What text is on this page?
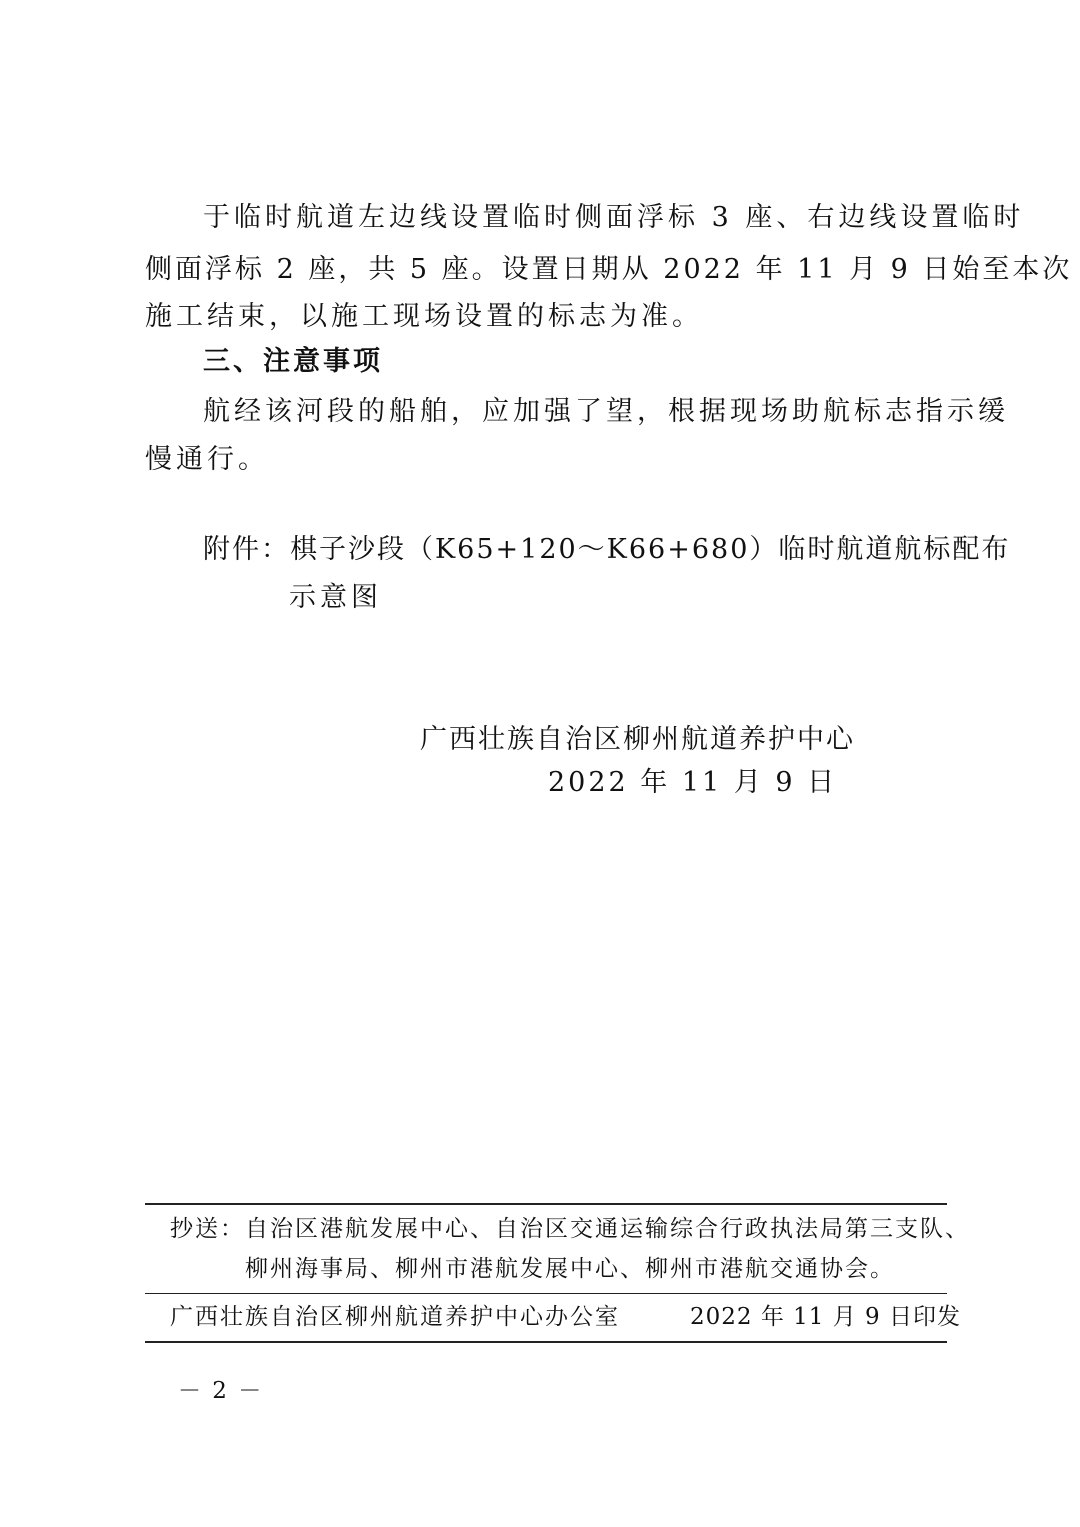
于临时航道左边线设置临时侧面浮标 3 座、右边线设置临时
侧面浮标 2 座，共 5 座。设置日期从 2022 年 11 月 9 日始至本次
施工结束，以施工现场设置的标志为准。
三、注意事项
航经该河段的船舶，应加强了望，根据现场助航标志指示缓
慢通行。
附件：棋子沙段（K65+120～K66+680）临时航道航标配布
示意图
广西壮族自治区柳州航道养护中心
2022 年 11 月 9 日
抄送：自治区港航发展中心、自治区交通运输综合行政执法局第三支队、
柳州海事局、柳州市港航发展中心、柳州市港航交通协会。
广西壮族自治区柳州航道养护中心办公室	2022 年 11 月 9 日印发
－ 2 －
